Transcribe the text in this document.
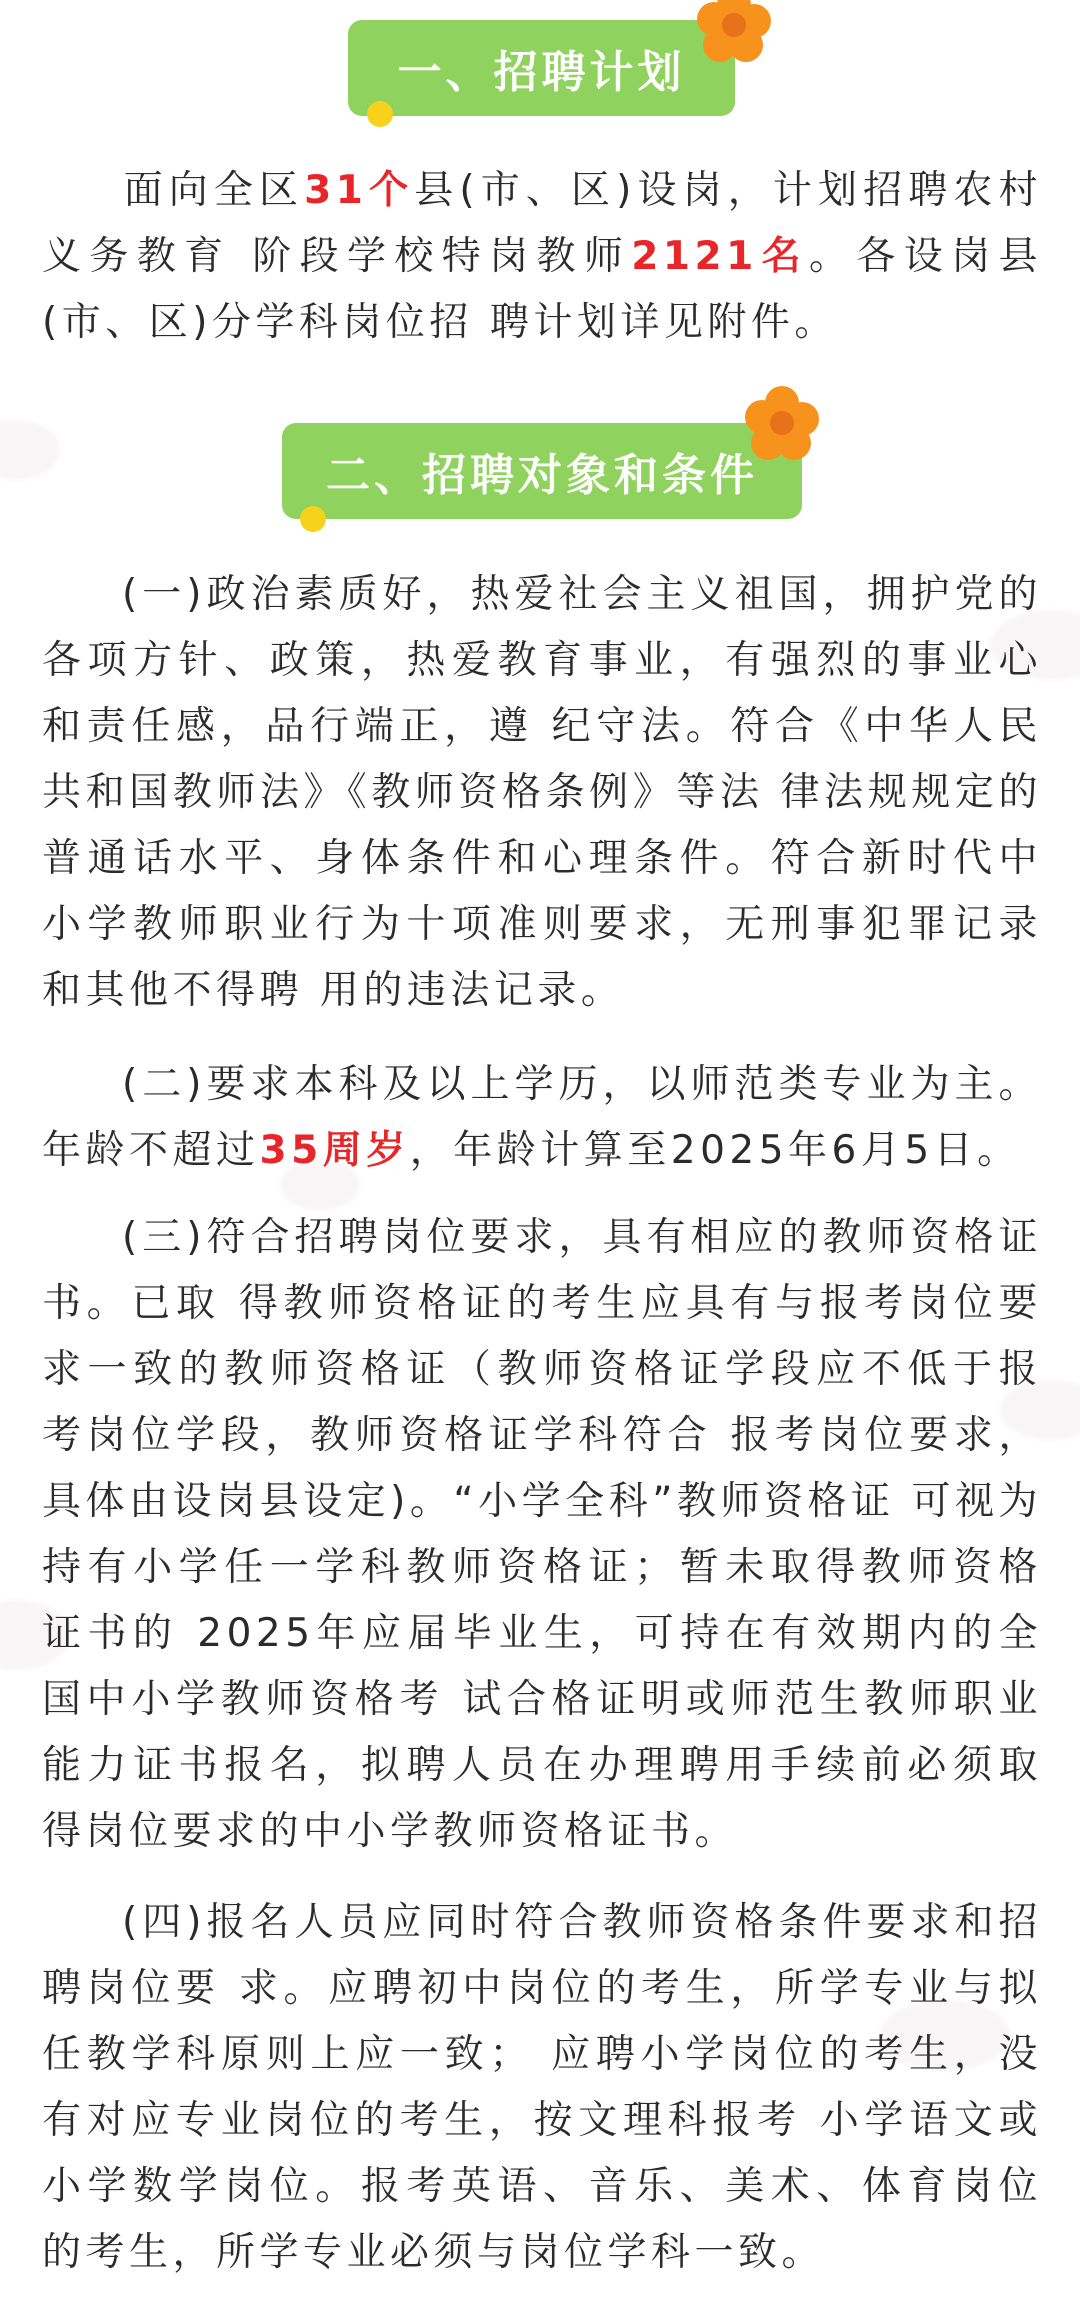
一、招聘计划
面向全区31个县(市、区)设岗，计划招聘农村义务教育 阶段学校特岗教师2121名。各设岗县(市、区)分学科岗位招 聘计划详见附件。
二、招聘对象和条件
(一)政治素质好，热爱社会主义祖国，拥护党的各项方针、政策，热爱教育事业，有强烈的事业心和责任感，品行端正，遵 纪守法。符合《中华人民共和国教师法》《教师资格条例》等法 律法规规定的普通话水平、身体条件和心理条件。符合新时代中小学教师职业行为十项准则要求，无刑事犯罪记录和其他不得聘 用的违法记录。
(二)要求本科及以上学历，以师范类专业为主。年龄不超过35周岁，年龄计算至2025年6月5日。
(三)符合招聘岗位要求，具有相应的教师资格证书。已取 得教师资格证的考生应具有与报考岗位要求一致的教师资格证（教师资格证学段应不低于报考岗位学段，教师资格证学科符合 报考岗位要求，具体由设岗县设定)。“小学全科”教师资格证 可视为持有小学任一学科教师资格证；暂未取得教师资格证书的 2025年应届毕业生，可持在有效期内的全国中小学教师资格考 试合格证明或师范生教师职业能力证书报名，拟聘人员在办理聘用手续前必须取得岗位要求的中小学教师资格证书。
(四)报名人员应同时符合教师资格条件要求和招聘岗位要 求。应聘初中岗位的考生，所学专业与拟任教学科原则上应一致； 应聘小学岗位的考生，没有对应专业岗位的考生，按文理科报考 小学语文或小学数学岗位。报考英语、音乐、美术、体育岗位的考生，所学专业必须与岗位学科一致。
